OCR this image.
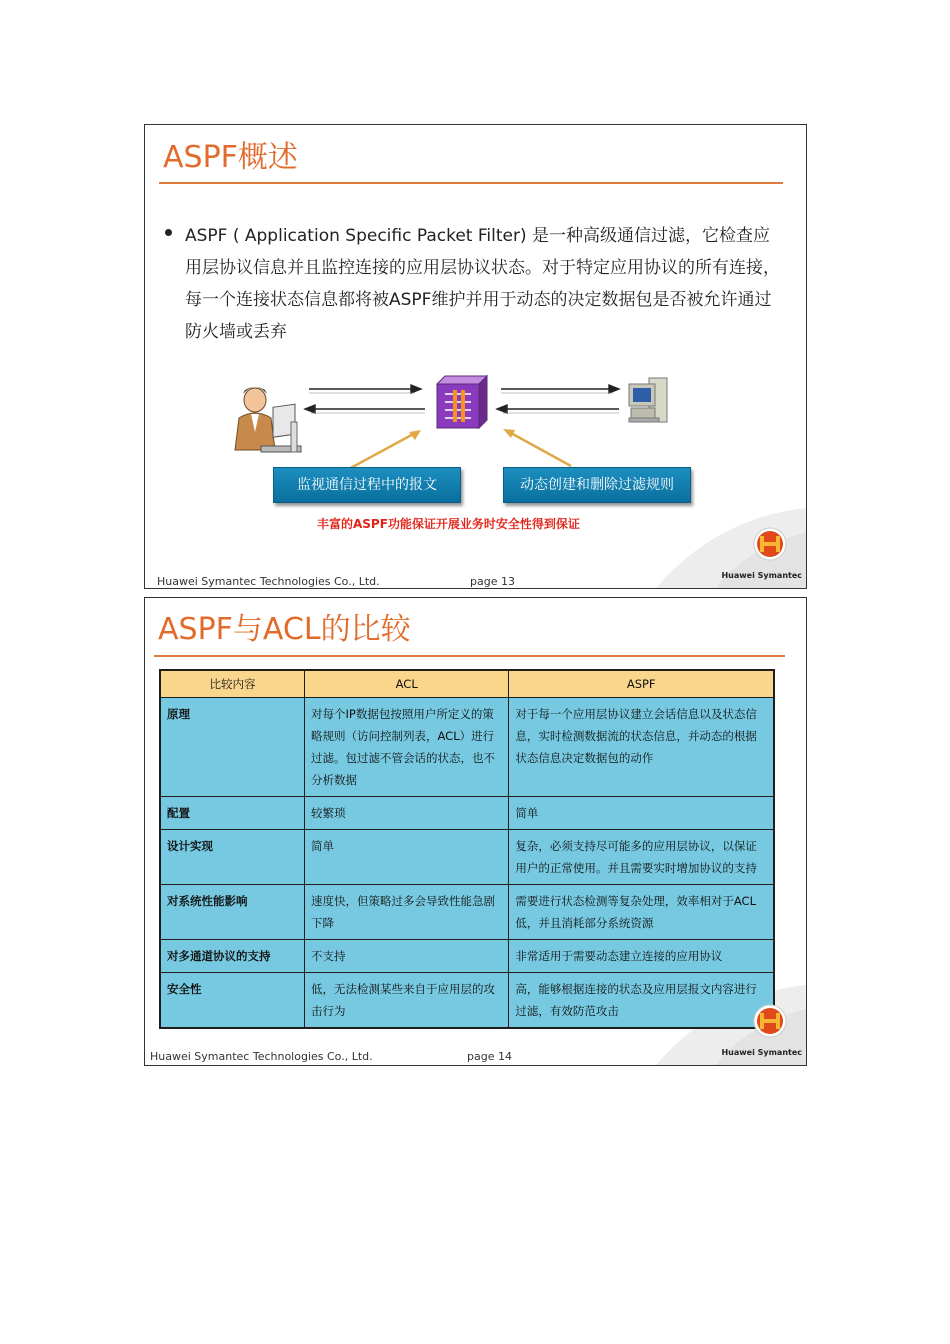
ASPF概述
ASPF ( Application Specific Packet Filter) 是一种高级通信过滤，它检查应用层协议信息并且监控连接的应用层协议状态。对于特定应用协议的所有连接，每一个连接状态信息都将被ASPF维护并用于动态的决定数据包是否被允许通过防火墙或丢弃
监视通信过程中的报文	动态创建和删除过滤规则
丰富的ASPF功能保证开展业务时安全性得到保证
Huawei Symantec
Huawei Symantec Technologies Co., Ltd.	page 13
ASPF与ACL的比较
比较内容	ACL	ASPF
原理	对每个IP数据包按照用户所定义的策略规则（访问控制列表，ACL）进行过滤。包过滤不管会话的状态，也不分析数据	对于每一个应用层协议建立会话信息以及状态信息，实时检测数据流的状态信息，并动态的根据状态信息决定数据包的动作
配置	较繁琐	简单
设计实现	简单	复杂，必须支持尽可能多的应用层协议，以保证用户的正常使用。并且需要实时增加协议的支持
对系统性能影响	速度快，但策略过多会导致性能急剧下降	需要进行状态检测等复杂处理，效率相对于ACL低，并且消耗部分系统资源
对多通道协议的支持	不支持	非常适用于需要动态建立连接的应用协议
安全性	低，无法检测某些来自于应用层的攻击行为	高，能够根据连接的状态及应用层报文内容进行过滤，有效防范攻击
Huawei Symantec
Huawei Symantec Technologies Co., Ltd.	page 14
